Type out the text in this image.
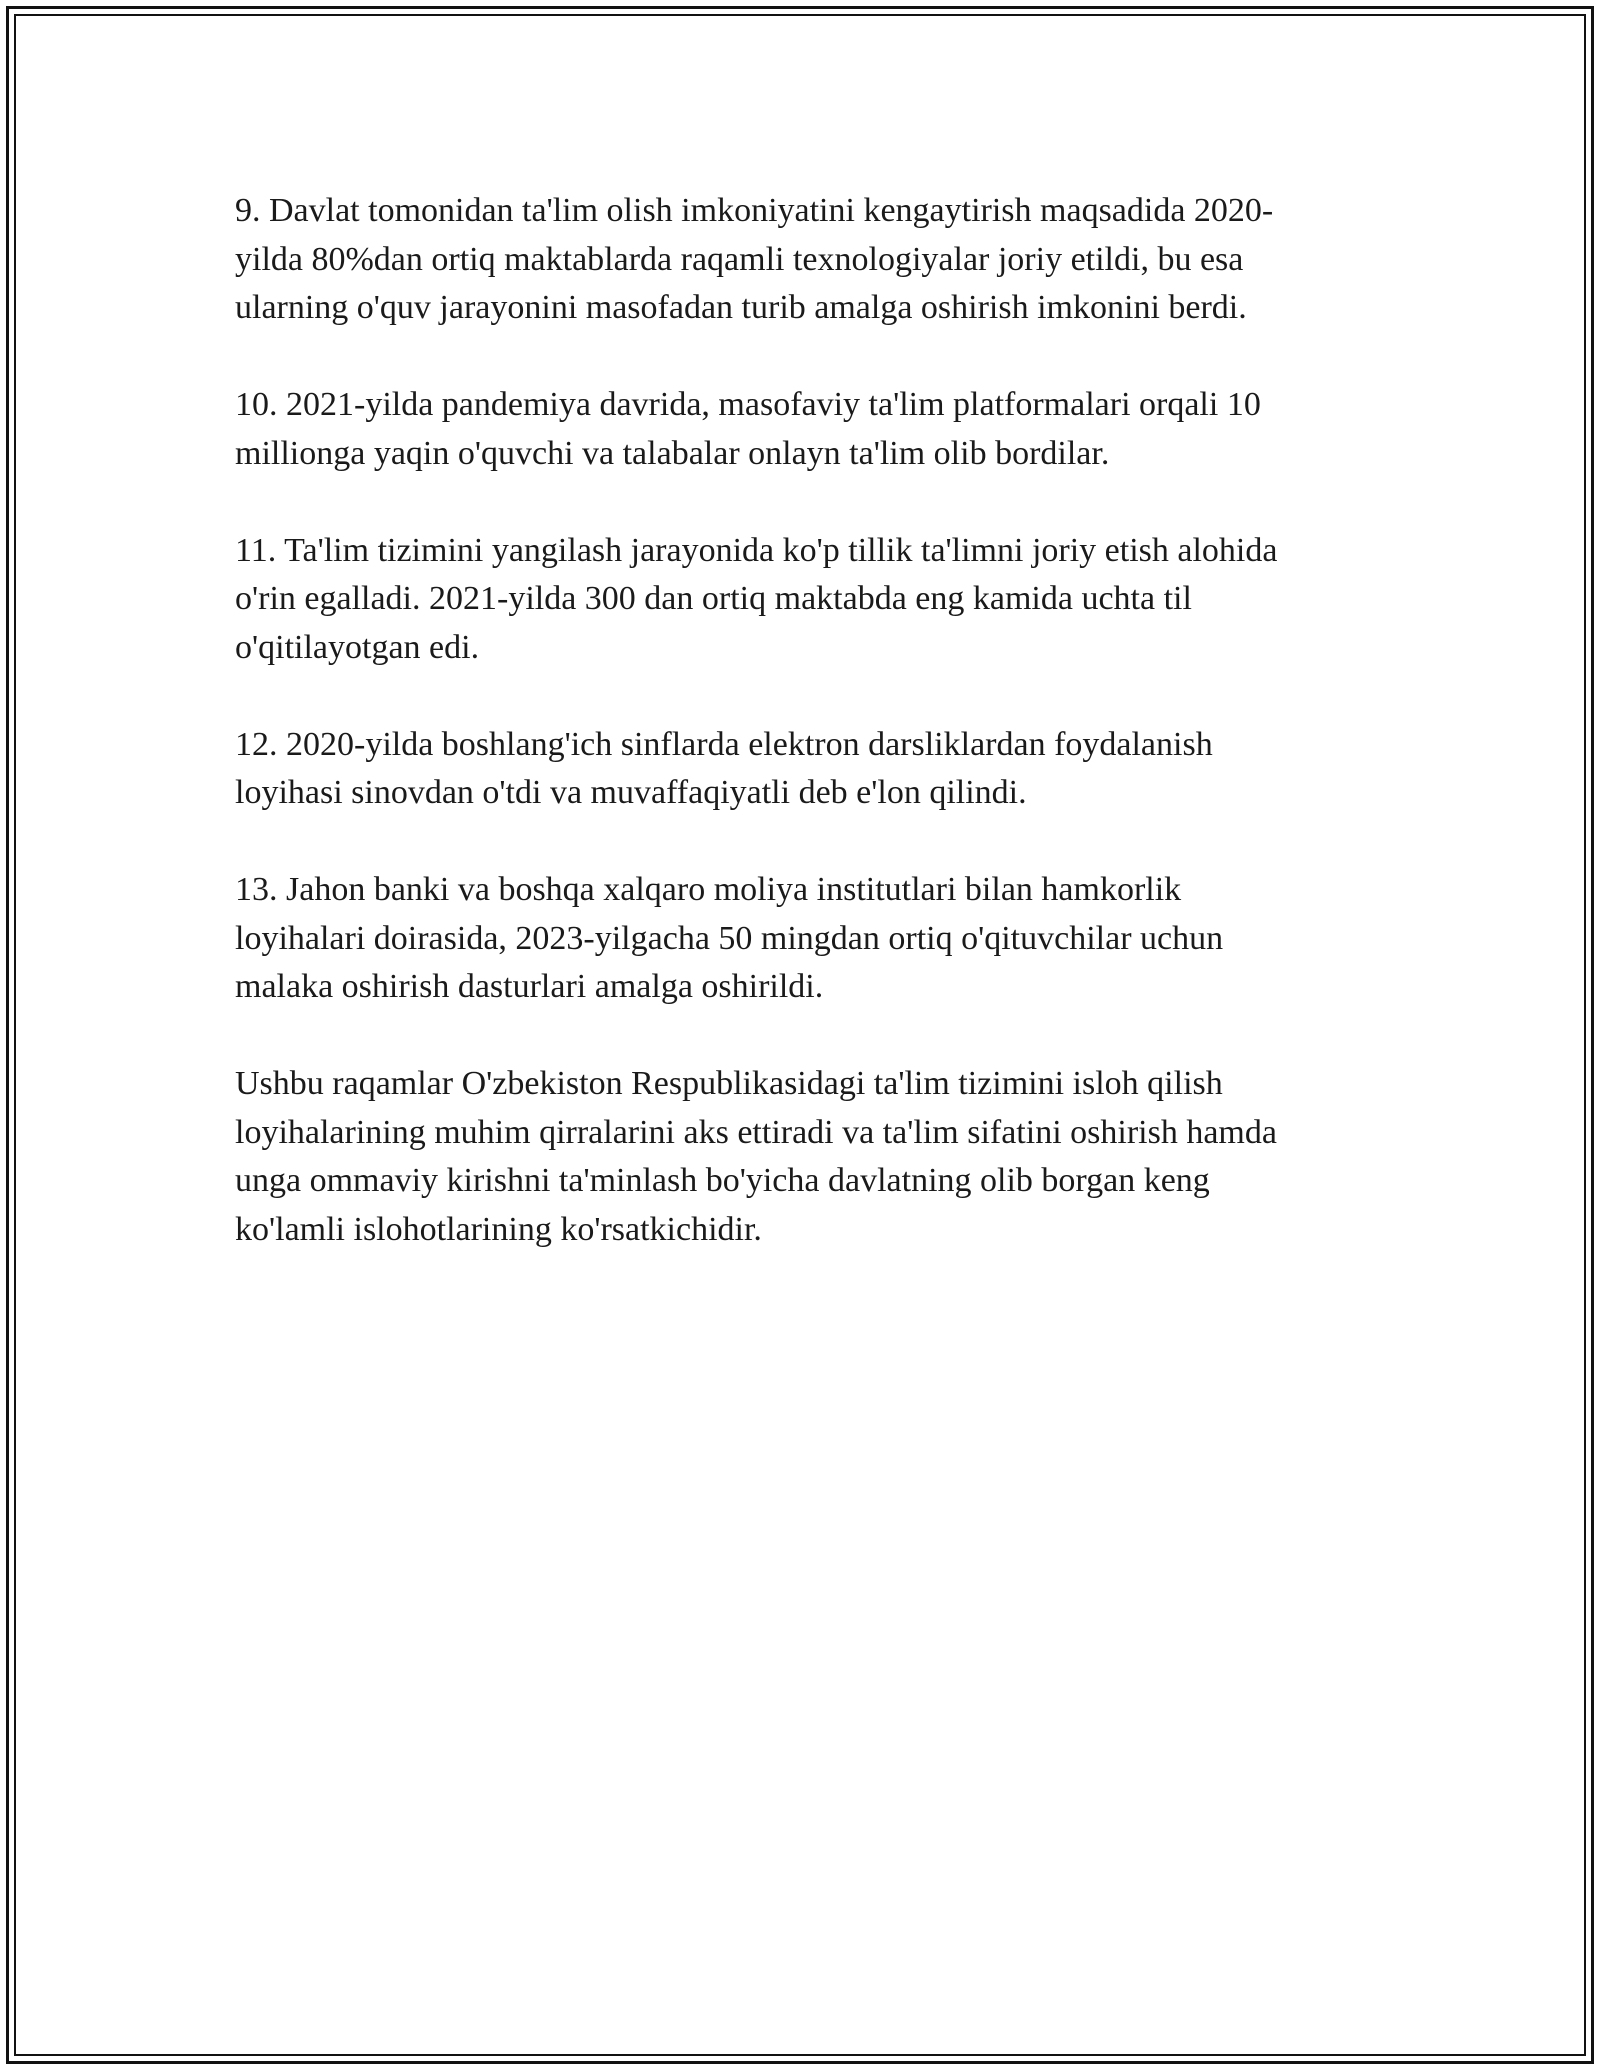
9. Davlat tomonidan ta'lim olish imkoniyatini kengaytirish maqsadida 2020-
yilda 80%dan ortiq maktablarda raqamli texnologiyalar joriy etildi, bu esa
ularning o'quv jarayonini masofadan turib amalga oshirish imkonini berdi.

10. 2021-yilda pandemiya davrida, masofaviy ta'lim platformalari orqali 10
millionga yaqin o'quvchi va talabalar onlayn ta'lim olib bordilar.

11. Ta'lim tizimini yangilash jarayonida ko'p tillik ta'limni joriy etish alohida
o'rin egalladi. 2021-yilda 300 dan ortiq maktabda eng kamida uchta til
o'qitilayotgan edi.

12. 2020-yilda boshlang'ich sinflarda elektron darsliklardan foydalanish
loyihasi sinovdan o'tdi va muvaffaqiyatli deb e'lon qilindi.

13. Jahon banki va boshqa xalqaro moliya institutlari bilan hamkorlik
loyihalari doirasida, 2023-yilgacha 50 mingdan ortiq o'qituvchilar uchun
malaka oshirish dasturlari amalga oshirildi.

Ushbu raqamlar O'zbekiston Respublikasidagi ta'lim tizimini isloh qilish
loyihalarining muhim qirralarini aks ettiradi va ta'lim sifatini oshirish hamda
unga ommaviy kirishni ta'minlash bo'yicha davlatning olib borgan keng
ko'lamli islohotlarining ko'rsatkichidir.
